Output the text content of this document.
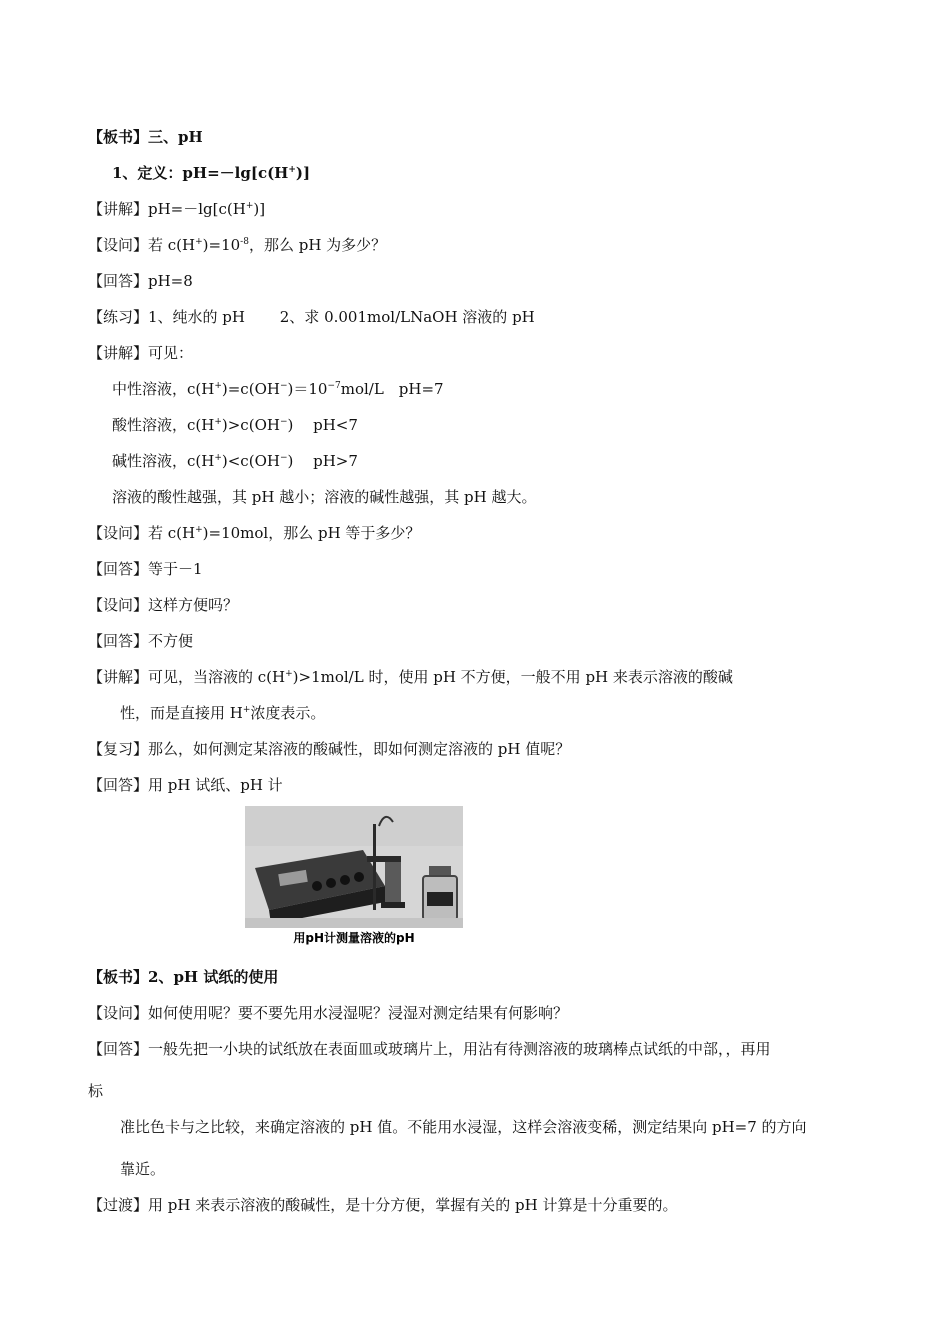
【板书】三、pH
1、定义：pH=－lg[c(H+)]
【讲解】pH=－lg[c(H+)]
【设问】若 $c(H^+)=10^{-8}$，那么 pH 为多少？
【回答】pH=8
【练习】1、纯水的 pH　　 2、求 0.001mol/LNaOH 溶液的 pH
【讲解】可见：
中性溶液，$c(H^+)=c(OH^-)=10^{-7}mol/L$　pH=7
酸性溶液，c(H+)>c(OH−)　 pH<7
碱性溶液，c(H+)<c(OH−)　 pH>7
溶液的酸性越强，其 pH 越小；溶液的碱性越强，其 pH 越大。
【设问】若 c(H+)=10mol，那么 pH 等于多少？
【回答】等于－1
【设问】这样方便吗？
【回答】不方便
【讲解】可见，当溶液的 c(H+)>1mol/L 时，使用 pH 不方便，一般不用 pH 来表示溶液的酸碱
性，而是直接用 H+浓度表示。
【复习】那么，如何测定某溶液的酸碱性，即如何测定溶液的 pH 值呢？
【回答】用 pH 试纸、pH 计
用pH计测量溶液的pH
【板书】2、pH 试纸的使用
【设问】如何使用呢？要不要先用水浸湿呢？浸湿对测定结果有何影响？
【回答】一般先把一小块的试纸放在表面皿或玻璃片上，用沾有待测溶液的玻璃棒点试纸的中部，，再用
标
准比色卡与之比较，来确定溶液的 pH 值。不能用水浸湿，这样会溶液变稀，测定结果向 pH=7 的方向
靠近。
【过渡】用 pH 来表示溶液的酸碱性，是十分方便，掌握有关的 pH 计算是十分重要的。
